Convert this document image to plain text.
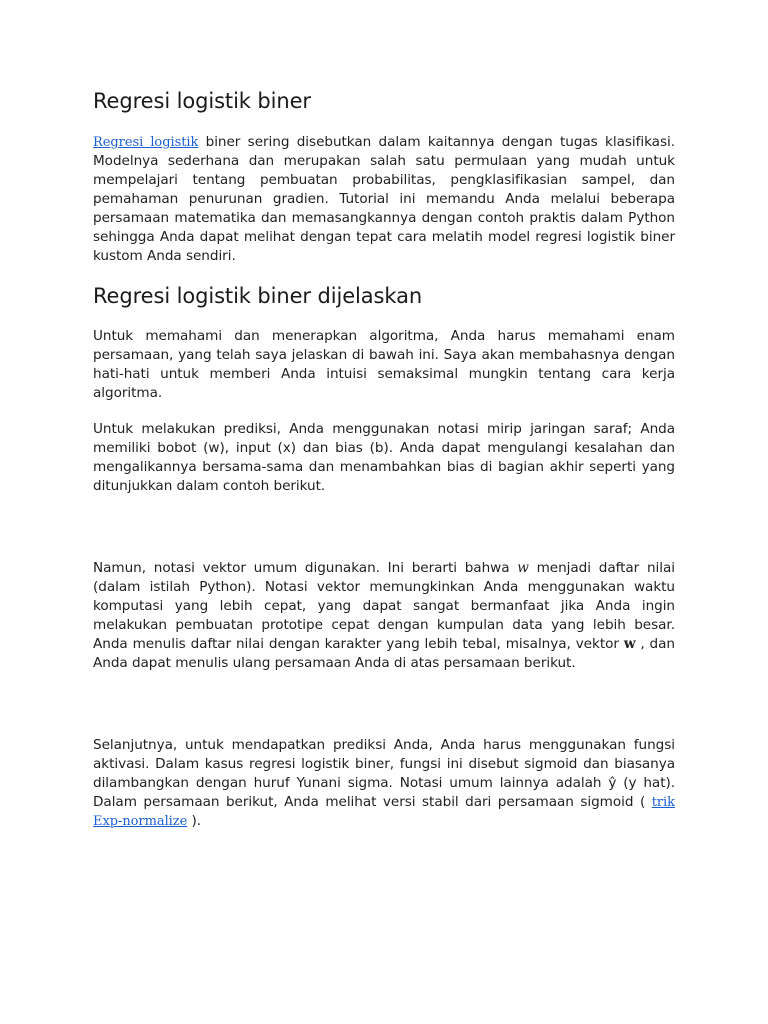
Regresi logistik biner

Regresi logistik biner sering disebutkan dalam kaitannya dengan tugas klasifikasi. Modelnya sederhana dan merupakan salah satu permulaan yang mudah untuk mempelajari tentang pembuatan probabilitas, pengklasifikasian sampel, dan pemahaman penurunan gradien. Tutorial ini memandu Anda melalui beberapa persamaan matematika dan memasangkannya dengan contoh praktis dalam Python sehingga Anda dapat melihat dengan tepat cara melatih model regresi logistik biner kustom Anda sendiri.

Regresi logistik biner dijelaskan

Untuk memahami dan menerapkan algoritma, Anda harus memahami enam persamaan, yang telah saya jelaskan di bawah ini. Saya akan membahasnya dengan hati-hati untuk memberi Anda intuisi semaksimal mungkin tentang cara kerja algoritma.

Untuk melakukan prediksi, Anda menggunakan notasi mirip jaringan saraf; Anda memiliki bobot (w), input (x) dan bias (b). Anda dapat mengulangi kesalahan dan mengalikannya bersama-sama dan menambahkan bias di bagian akhir seperti yang ditunjukkan dalam contoh berikut.

Namun, notasi vektor umum digunakan. Ini berarti bahwa w menjadi daftar nilai (dalam istilah Python). Notasi vektor memungkinkan Anda menggunakan waktu komputasi yang lebih cepat, yang dapat sangat bermanfaat jika Anda ingin melakukan pembuatan prototipe cepat dengan kumpulan data yang lebih besar. Anda menulis daftar nilai dengan karakter yang lebih tebal, misalnya, vektor w , dan Anda dapat menulis ulang persamaan Anda di atas persamaan berikut.

Selanjutnya, untuk mendapatkan prediksi Anda, Anda harus menggunakan fungsi aktivasi. Dalam kasus regresi logistik biner, fungsi ini disebut sigmoid dan biasanya dilambangkan dengan huruf Yunani sigma. Notasi umum lainnya adalah ŷ (y hat). Dalam persamaan berikut, Anda melihat versi stabil dari persamaan sigmoid ( trik Exp-normalize ).
